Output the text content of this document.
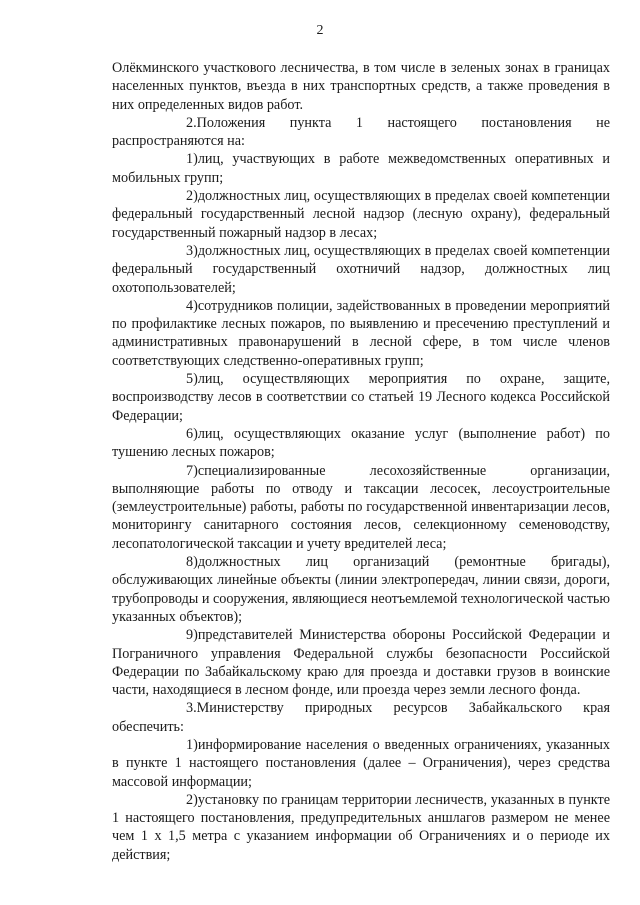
2

Олёкминского участкового лесничества, в том числе в зеленых зонах в границах населенных пунктов, въезда в них транспортных средств, а также проведения в них определенных видов работ.

2.Положения пункта 1 настоящего постановления не распространяются на:

1)лиц, участвующих в работе межведомственных оперативных и мобильных групп;

2)должностных лиц, осуществляющих в пределах своей компетенции федеральный государственный лесной надзор (лесную охрану), федеральный государственный пожарный надзор в лесах;

3)должностных лиц, осуществляющих в пределах своей компетенции федеральный государственный охотничий надзор, должностных лиц охотопользователей;

4)сотрудников полиции, задействованных в проведении мероприятий по профилактике лесных пожаров, по выявлению и пресечению преступлений и административных правонарушений в лесной сфере, в том числе членов соответствующих следственно-оперативных групп;

5)лиц, осуществляющих мероприятия по охране, защите, воспроизводству лесов в соответствии со статьей 19 Лесного кодекса Российской Федерации;

6)лиц, осуществляющих оказание услуг (выполнение работ) по тушению лесных пожаров;

7)специализированные лесохозяйственные организации, выполняющие работы по отводу и таксации лесосек, лесоустроительные (землеустроительные) работы, работы по государственной инвентаризации лесов, мониторингу санитарного состояния лесов, селекционному семеноводству, лесопатологической таксации и учету вредителей леса;

8)должностных лиц организаций (ремонтные бригады), обслуживающих линейные объекты (линии электропередач, линии связи, дороги, трубопроводы и сооружения, являющиеся неотъемлемой технологической частью указанных объектов);

9)представителей Министерства обороны Российской Федерации и Пограничного управления Федеральной службы безопасности Российской Федерации по Забайкальскому краю для проезда и доставки грузов в воинские части, находящиеся в лесном фонде, или проезда через земли лесного фонда.

3.Министерству природных ресурсов Забайкальского края обеспечить:

1)информирование населения о введенных ограничениях, указанных в пункте 1 настоящего постановления (далее – Ограничения), через средства массовой информации;

2)установку по границам территории лесничеств, указанных в пункте 1 настоящего постановления, предупредительных аншлагов размером не менее чем 1 х 1,5 метра с указанием информации об Ограничениях и о периоде их действия;
